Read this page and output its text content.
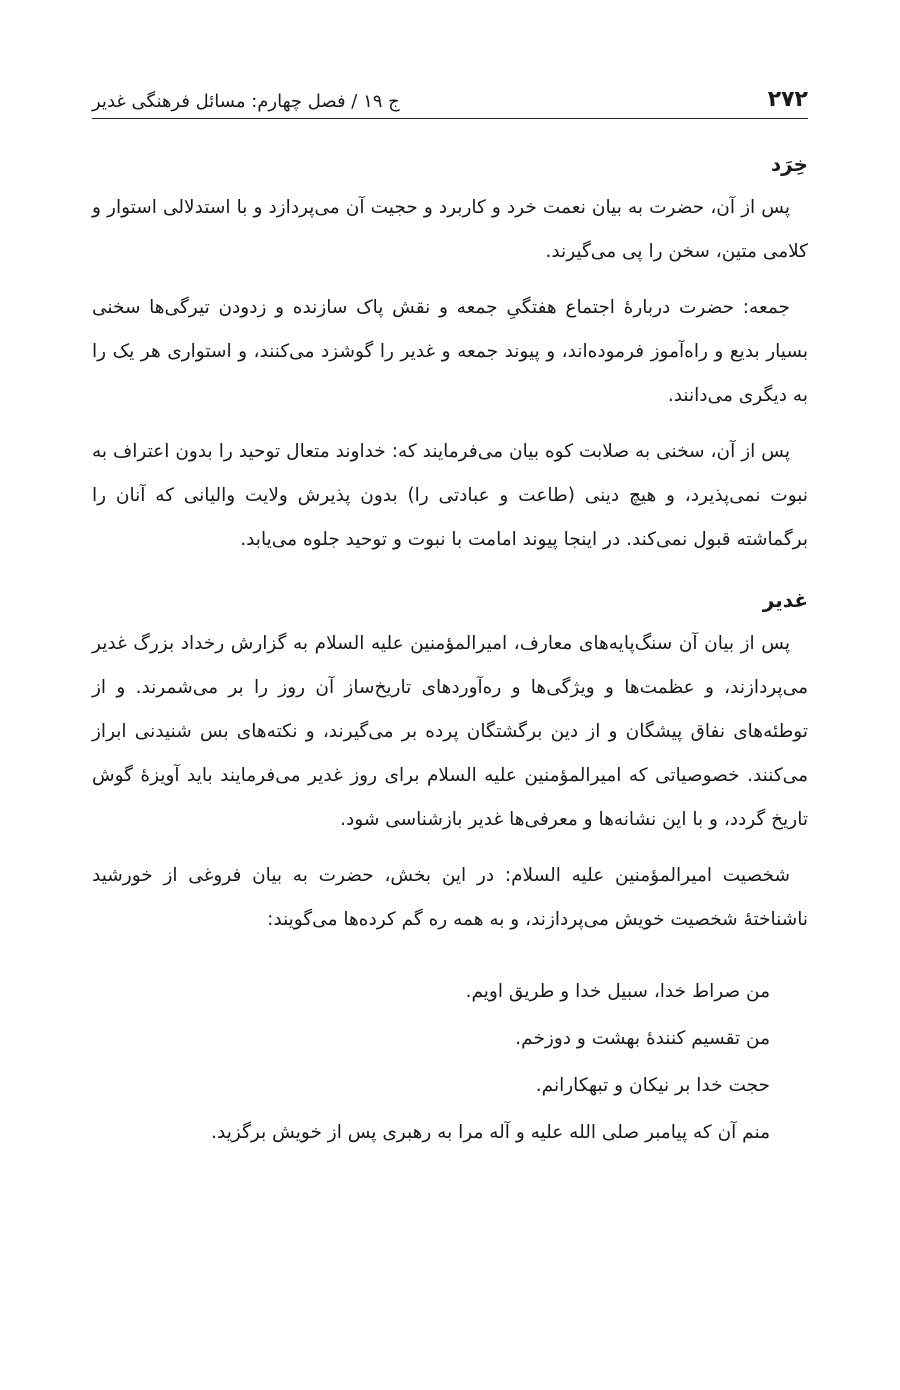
۲۷۲
ج ۱۹ / فصل چهارم: مسائل فرهنگی غدیر
خِرَد

پس از آن، حضرت به بیان نعمت خرد و کاربرد و حجیت آن می‌پردازد و با استدلالی استوار و کلامی متین، سخن را پی می‌گیرند.

جمعه: حضرت دربارهٔ اجتماع هفتگیِ جمعه و نقش پاک سازنده و زدودن تیرگی‌ها سخنی بسیار بدیع و راه‌آموز فرموده‌اند، و پیوند جمعه و غدیر را گوشزد می‌کنند، و استواری هر یک را به دیگری می‌دانند.

پس از آن، سخنی به صلابت کوه بیان می‌فرمایند که: خداوند متعال توحید را بدون اعتراف به نبوت نمی‌پذیرد، و هیچ دینی (طاعت و عبادتی را) بدون پذیرش ولایت والیانی که آنان را برگماشته قبول نمی‌کند. در اینجا پیوند امامت با نبوت و توحید جلوه می‌یابد.

غدیر

پس از بیان آن سنگ‌پایه‌های معارف، امیرالمؤمنین علیه السلام به گزارش رخداد بزرگ غدیر می‌پردازند، و عظمت‌ها و ویژگی‌ها و ره‌آوردهای تاریخ‌ساز آن روز را بر می‌شمرند. و از توطئه‌های نفاق پیشگان و از دین برگشتگان پرده بر می‌گیرند، و نکته‌های بس شنیدنی ابراز می‌کنند. خصوصیاتی که امیرالمؤمنین علیه السلام برای روز غدیر می‌فرمایند باید آویزهٔ گوش تاریخ گردد، و با این نشانه‌ها و معرفی‌ها غدیر بازشناسی شود.

شخصیت امیرالمؤمنین علیه السلام: در این بخش، حضرت به بیان فروغی از خورشید ناشناختهٔ شخصیت خویش می‌پردازند، و به همه ره گم کرده‌ها می‌گویند:

من صراط خدا، سبیل خدا و طریق اویم.
من تقسیم کنندهٔ بهشت و دوزخم.
حجت خدا بر نیکان و تبهکارانم.
منم آن که پیامبر صلی الله علیه و آله مرا به رهبری پس از خویش برگزید.
